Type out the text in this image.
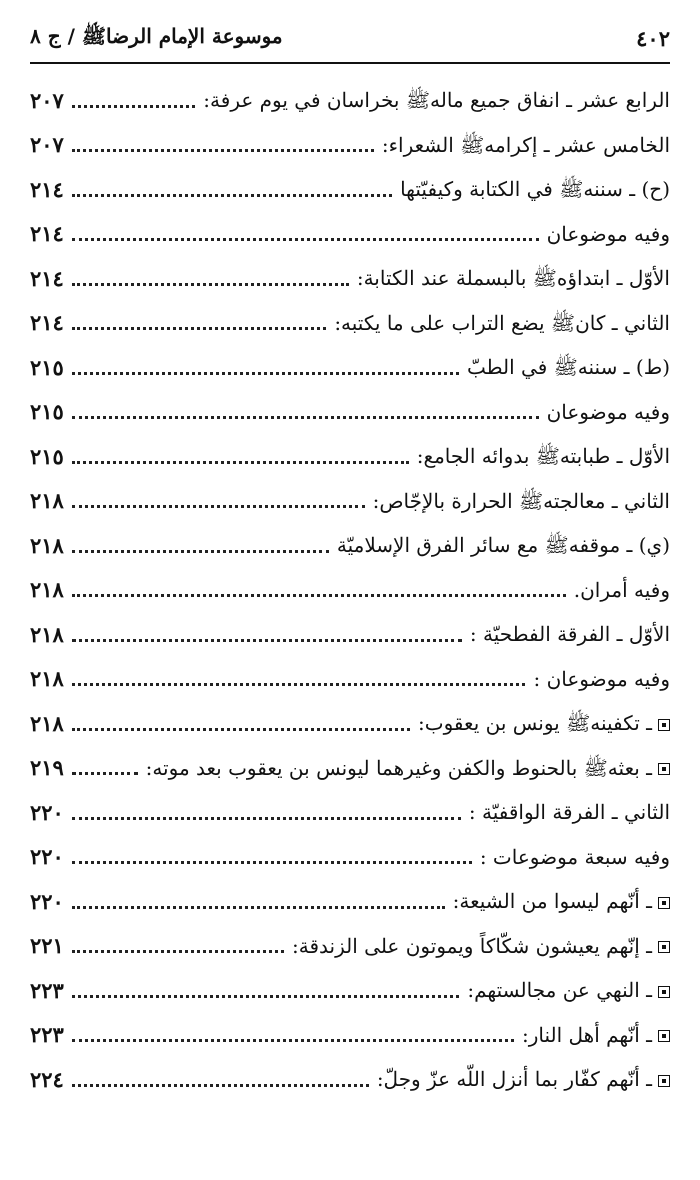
٤٠٢
موسوعة الإمام الرضاﷺ / ج ٨
الرابع عشر ـ انفاق جميع مالهﷺ بخراسان في يوم عرفة:
٢٠٧
الخامس عشر ـ إكرامهﷺ الشعراء:
٢٠٧
(ح) ـ سننهﷺ في الكتابة وكيفيّتها
٢١٤
وفيه موضوعان
٢١٤
الأوّل ـ ابتداؤهﷺ بالبسملة عند الكتابة:
٢١٤
الثاني ـ كانﷺ يضع التراب على ما يكتبه:
٢١٤
(ط) ـ سننهﷺ في الطبّ
٢١٥
وفيه موضوعان
٢١٥
الأوّل ـ طبابتهﷺ بدوائه الجامع:
٢١٥
الثاني ـ معالجتهﷺ الحرارة بالإجّاص:
٢١٨
(ي) ـ موقفهﷺ مع سائر الفرق الإسلاميّة
٢١٨
وفيه أمران.
٢١٨
الأوّل ـ الفرقة الفطحيّة :
٢١٨
وفيه موضوعان :
٢١٨
ـ تكفينهﷺ يونس بن يعقوب:
٢١٨
ـ بعثهﷺ بالحنوط والكفن وغيرهما ليونس بن يعقوب بعد موته:
٢١٩
الثاني ـ الفرقة الواقفيّة :
٢٢٠
وفيه سبعة موضوعات :
٢٢٠
ـ أنّهم ليسوا من الشيعة:
٢٢٠
ـ إنّهم يعيشون شكّاكاً ويموتون على الزندقة:
٢٢١
ـ النهي عن مجالستهم:
٢٢٣
ـ أنّهم أهل النار:
٢٢٣
ـ أنّهم كفّار بما أنزل اللّه عزّ وجلّ:
٢٢٤
